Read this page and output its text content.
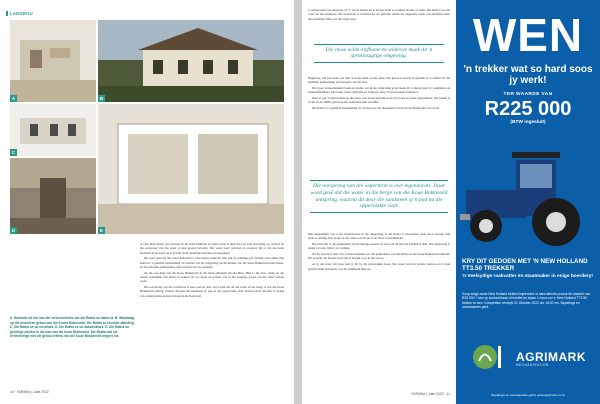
LANDBOU
A	B
C
D	E
A. Roetrots uit een van die vertrekruimtes van die Rattra so halwe ta. B. Wrakbaag op die historiese gebou van die Kouse Bokkeveld. Die Rattra se klooster-afleiding. C. Die Rattra se ou meulhuis. D. Die Rattra se ou dakstrukture. E. Die Rattra so gesellige plekkie in die hart van die Koue Bokkeveld. Die Rattra wat nie herinneringe met die gebou erfenis van die Koue Bokkeveld vergeet nie.

te vaar. Baie mense glo daaraan en dit werk blykbaar vir hulle. Daar is duur die jare baie navorsing oor gedoen en die oorsprong van die water is deur geoloë bevestig. Die water word gebottel en versprei; dit is van die beste kwaliteit in die land, en is gewild onder plaaslike inwoners en besoekers.

Dit word gesê dat die water heilsaam is; baie mense drink dit elke dag en sommige glo dit help teen siekte. Die Rattra is 'n geliefde bestemming vir toeriste wat die omgewing en die kulture van die Koue Bokkeveld kom beleef, en die plaaslike gemeenskap trek voordeel uit die toerisme.

Op die wes-kant van die Koue Bokkeveld lê die klein gehuggie Op-die-Berg. Hier is die lewe rustig en die mense vriendelik. Die Rattra is bekend vir sy vrugte en groente wat in die vrugbare grond van die vallei verbou word.

Die oorsprong van die waterbron is eeue oud en daar word gesê dat dit die water in die berge is wat die Koue Bokkeveld omring, waarna dit deur die sandsteen sy pad na die oppervlakte vind. Daarna vloei dit deur 'n stelsel van ondergrondse kanale en kom in die Rattra uit.

10 · FARMbiz | Julie 2022

'n temperatuur van ongeveer 15 °C in die kelder uit te bestee. Daar is verskeie bronne of reeks. Die Rattra was die water uit die sandsteen. Die bronwater is in historiese tye gebruik, omdat die ongerepte water van die Rattra deur die natuurlike filter van die berge loop.

Die reuse wilde olyfbome en wildevye maak dit 'n sprokiesagtige omgewing.

Nagenoeg 140 jaar lank was daar 'n water-meul op die plaas. Die gebou is steeds in gebruik as 'n winkel vir die plaaslike gemeenskap en besoekers aan die area.

Die groot verskeidenheid bome en plante wat in die omgewing groei maak dit 'n ideale plek vir voëlkykers en natuurliefhebbers. Die reuse wilde olyfbome en wildevye skep 'n betowerende atmosfeer.

Daar is ook 'n klein kerkie op die plaas wat steeds gebruik word vir troues en ander geleenthede. Die kerkie is in die vroeë 1900's gebou en het sedertdien min verander.

Die Rattra is 'n geliefde bestemming vir toeriste wat die skoonheid van die Koue Bokkeveld wil ervaar.

Die oorsprong van die waterbron is ewe legendaries. Daar word gesê dat die water in die berge van die Koue Bokkeveld ontspring, waarna dit deur die sandsteen sy'n pad na die oppervlakte vind.

Met inagneming van al die vrugteboorde in die omgewing, is die Rattra 'n besonderse plek om te besoek. Die plaas is omring deur berge en die water wat uit die bron vloei is kristalhelder.

Die plaas het 'n ryk geskiedenis en die huidige eienaars is trots om dit met die publiek te deel. Die omgewing is ideaal vir stap, fietsry en voëlkyk.

Op die terrein is daar ook 'n klein museum wat die geskiedenis van die Rattra en die Koue Bokkeveld uitbeeld. Dit is beslis die moeite werd om te besoek as jy in die area is.

As jy die water wil proe, kan jy dit by die plaaswinkel koop. Die water word in bottels verkoop en is baie gewild onder besoekers wat dit saamneem huis toe.

WEN
'n trekker wat so hard soos jy werk!
TER WAARDE VAN
R225 000
(BTW ingesluit)
KRY DIT GEDOEN MET 'N NEW HOLLAND TT3.50 TREKKER
'n Veelsydige raakvatter en staatmaker in enige boerdery!
Koop enige nuwe New Holland trekker/implement of aanvullende produk ter waarde van R25 000 + btw op kontant/kaart of krediet en staan 'n kans om 'n New Holland TT3.50 trekker te wen. Kompetisie verstryk 31 Oktober 2022 om 18:00 vm. Bepalings en voorwaardes geld.
AGRIMARK
MECHANISATION
Bepalings en voorwaardes geld | www.agrimark.co.za
FARMbiz | Julie 2022 · 11
